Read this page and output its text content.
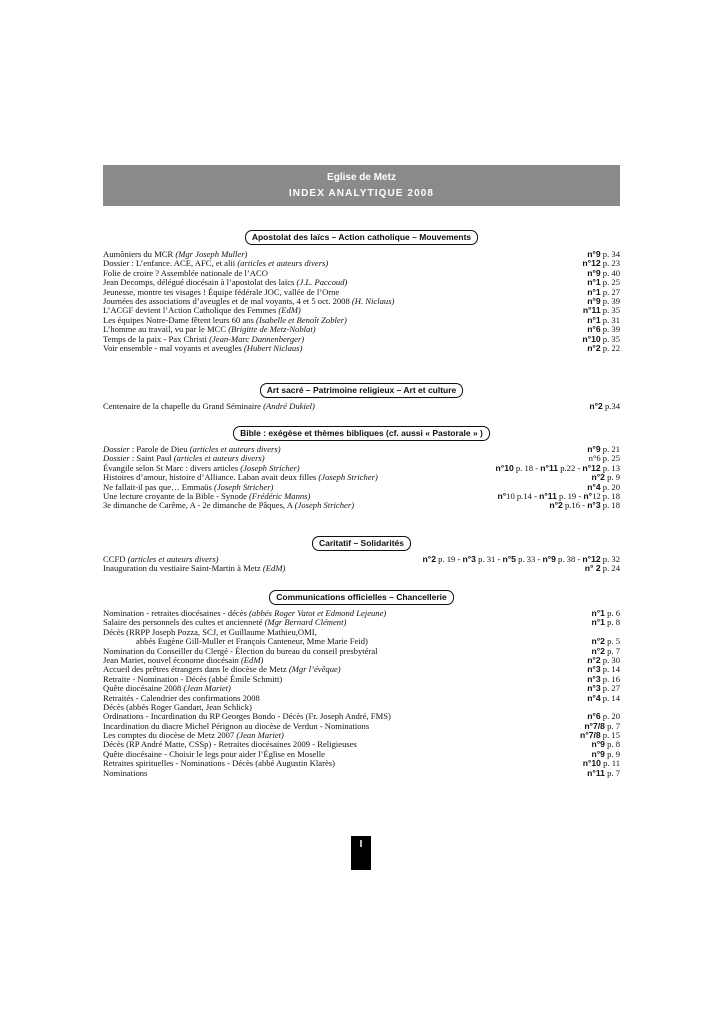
Eglise de Metz
INDEX ANALYTIQUE 2008
Apostolat des laïcs – Action catholique – Mouvements
Aumôniers du MCR (Mgr Joseph Muller)	n°9 p. 34
Dossier : L’enfance. ACE, AFC, et alii (articles et auteurs divers)	n°12 p. 23
Folie de croire ? Assemblée nationale de l’ACO	n°9 p. 40
Jean Decomps, délégué diocésain à l’apostolat des laïcs (J.L. Paccoud)	n°1 p. 25
Jeunesse, montre tes visages ! Équipe fédérale JOC, vallée de l’Orne	n°1 p. 27
Journées des associations d’aveugles et de mal voyants, 4 et 5 oct. 2008 (H. Niclaus)	n°9 p. 39
L’ACGF devient l’Action Catholique des Femmes (EdM)	n°11 p. 35
Les équipes Notre-Dame fêtent leurs 60 ans (Isabelle et Benoît Zobler)	n°1 p. 31
L’homme au travail, vu par le MCC (Brigitte de Metz-Noblat)	n°6 p. 39
Temps de la paix - Pax Christi (Jean-Marc Dannenberger)	n°10 p. 35
Voir ensemble - mal voyants et aveugles (Hubert Niclaus)	n°2 p. 22
Art sacré – Patrimoine religieux – Art et culture
Centenaire de la chapelle du Grand Séminaire (André Dukiel)	n°2 p.34
Bible : exégèse et thèmes bibliques (cf. aussi « Pastorale » )
Dossier : Parole de Dieu (articles et auteurs divers)	n°9 p. 21
Dossier : Saint Paul (articles et auteurs divers)	n°6 p. 25
Évangile selon St Marc : divers articles (Joseph Stricher)	n°10 p. 18 - n°11 p.22 - n°12 p. 13
Histoires d’amour, histoire d’Alliance. Laban avait deux filles (Joseph Stricher)	n°2 p. 9
Ne fallait-il pas que… Emmaüs (Joseph Stricher)	n°4 p. 20
Une lecture croyante de la Bible - Synode (Frédéric Manns)	n°10 p.14 - n°11 p. 19 - n°12 p. 18
3e dimanche de Carême, A - 2e dimanche de Pâques, A (Joseph Stricher)	n°2 p.16 - n°3 p. 18
Caritatif – Solidarités
CCFD (articles et auteurs divers)	n°2 p. 19 - n°3 p. 31 - n°5 p. 33 - n°9 p. 38 - n°12 p. 32
Inauguration du vestiaire Saint-Martin à Metz (EdM)	n° 2 p. 24
Communications officielles – Chancellerie
Nomination - retraites diocésaines - décès (abbés Roger Vatot et Edmond Lejeune)	n°1 p. 6
Salaire des personnels des cultes et ancienneté (Mgr Bernard Clément)	n°1 p. 8
Décès (RRPP Joseph Pozza, SCJ, et Guillaume Mathieu,OMI,
abbés Eugène Gill-Muller et François Canteneur, Mme Marie Feid)	n°2 p. 5
Nomination du Conseiller du Clergé - Élection du bureau du conseil presbytéral	n°2 p. 7
Jean Mariet, nouvel économe diocésain (EdM)	n°2 p. 30
Accueil des prêtres étrangers dans le diocèse de Metz (Mgr l’évêque)	n°3 p. 14
Retraite - Nomination - Décès (abbé Émile Schmitt)	n°3 p. 16
Quête diocésaine 2008 (Jean Mariet)	n°3 p. 27
Retraités - Calendrier des confirmations 2008	n°4 p. 14
Décès (abbés Roger Gandart, Jean Schlick)
Ordinations - Incardination du RP Georges Bondo - Décès (Fr. Joseph André, FMS)	n°6 p. 20
Incardination du diacre Michel Pérignon au diocèse de Verdun - Nominations	n°7/8 p. 7
Les comptes du diocèse de Metz 2007 (Jean Mariet)	n°7/8 p. 15
Décès (RP André Matte, CSSp) - Retraites diocésaines 2009 - Religieuses	n°9 p. 8
Quête diocésaine - Choisir le legs pour aider l’Église en Moselle	n°9 p. 9
Retraites spirituelles - Nominations - Décès (abbé Augustin Klarès)	n°10 p. 11
Nominations	n°11 p. 7
I
